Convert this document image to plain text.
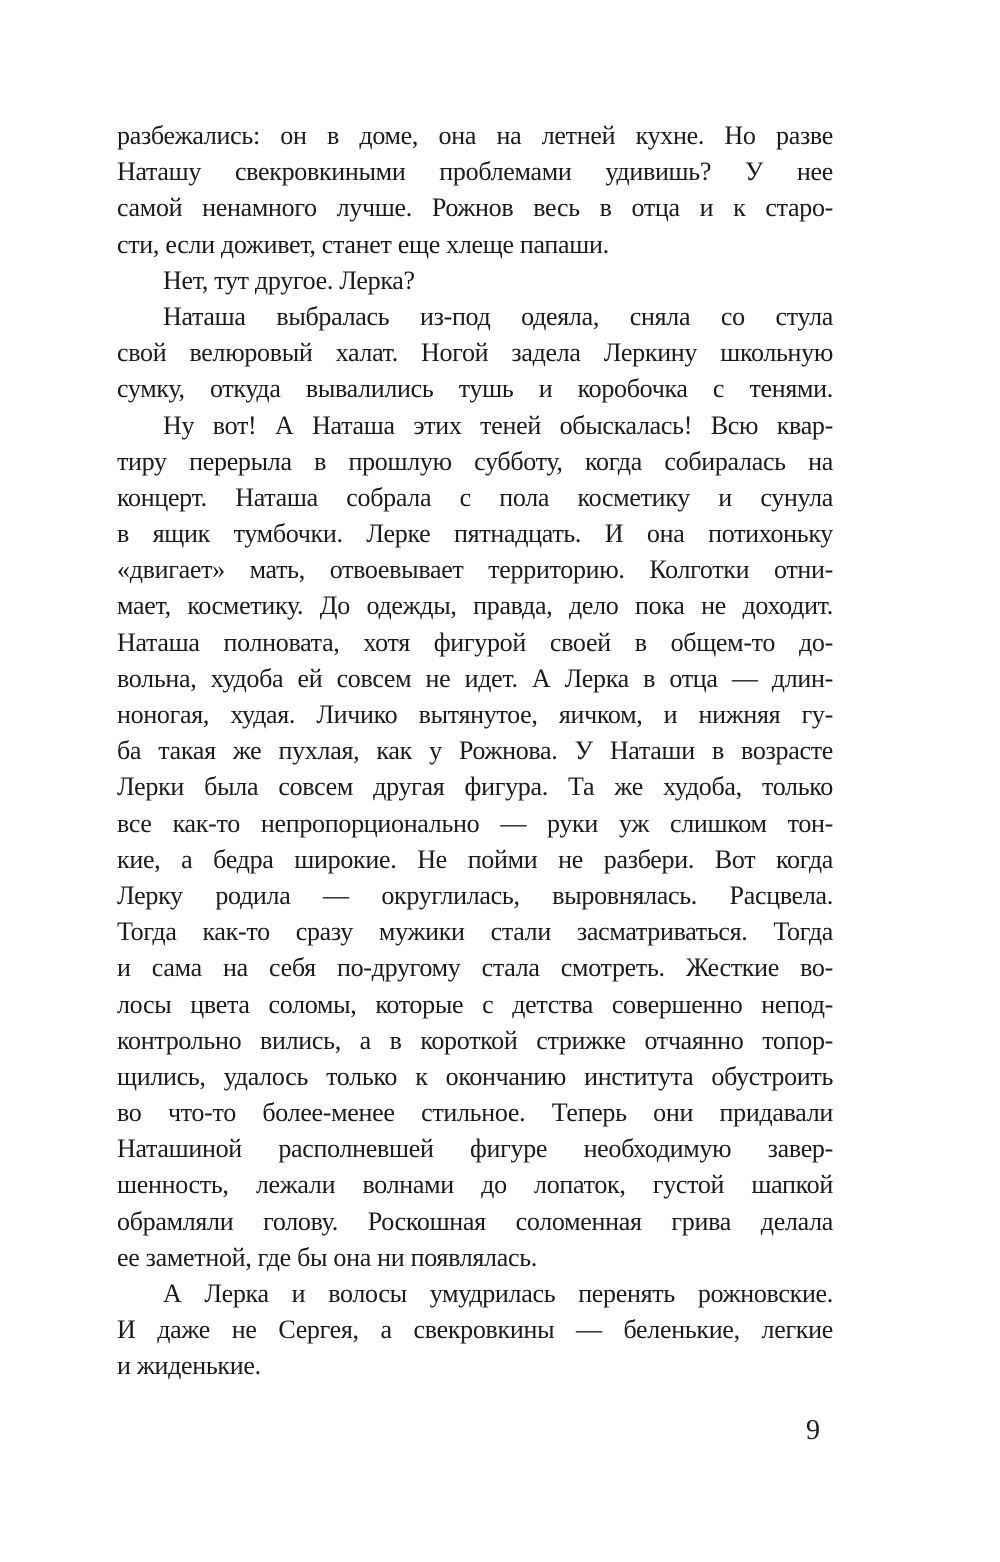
разбежались: он в доме, она на летней кухне. Но разве
Наташу свекровкиными проблемами удивишь? У нее
самой ненамного лучше. Рожнов весь в отца и к старо-
сти, если доживет, станет еще хлеще папаши.
Нет, тут другое. Лерка?
Наташа выбралась из-под одеяла, сняла со стула
свой велюровый халат. Ногой задела Леркину школьную
сумку, откуда вывалились тушь и коробочка с тенями.
Ну вот! А Наташа этих теней обыскалась! Всю квар-
тиру перерыла в прошлую субботу, когда собиралась на
концерт. Наташа собрала с пола косметику и сунула
в ящик тумбочки. Лерке пятнадцать. И она потихоньку
«двигает» мать, отвоевывает территорию. Колготки отни-
мает, косметику. До одежды, правда, дело пока не доходит.
Наташа полновата, хотя фигурой своей в общем-то до-
вольна, худоба ей совсем не идет. А Лерка в отца — длин-
ноногая, худая. Личико вытянутое, яичком, и нижняя гу-
ба такая же пухлая, как у Рожнова. У Наташи в возрасте
Лерки была совсем другая фигура. Та же худоба, только
все как-то непропорционально — руки уж слишком тон-
кие, а бедра широкие. Не пойми не разбери. Вот когда
Лерку родила — округлилась, выровнялась. Расцвела.
Тогда как-то сразу мужики стали засматриваться. Тогда
и сама на себя по-другому стала смотреть. Жесткие во-
лосы цвета соломы, которые с детства совершенно непод-
контрольно вились, а в короткой стрижке отчаянно топор-
щились, удалось только к окончанию института обустроить
во что-то более-менее стильное. Теперь они придавали
Наташиной располневшей фигуре необходимую завер-
шенность, лежали волнами до лопаток, густой шапкой
обрамляли голову. Роскошная соломенная грива делала
ее заметной, где бы она ни появлялась.
А Лерка и волосы умудрилась перенять рожновские.
И даже не Сергея, а свекровкины — беленькие, легкие
и жиденькие.
9
